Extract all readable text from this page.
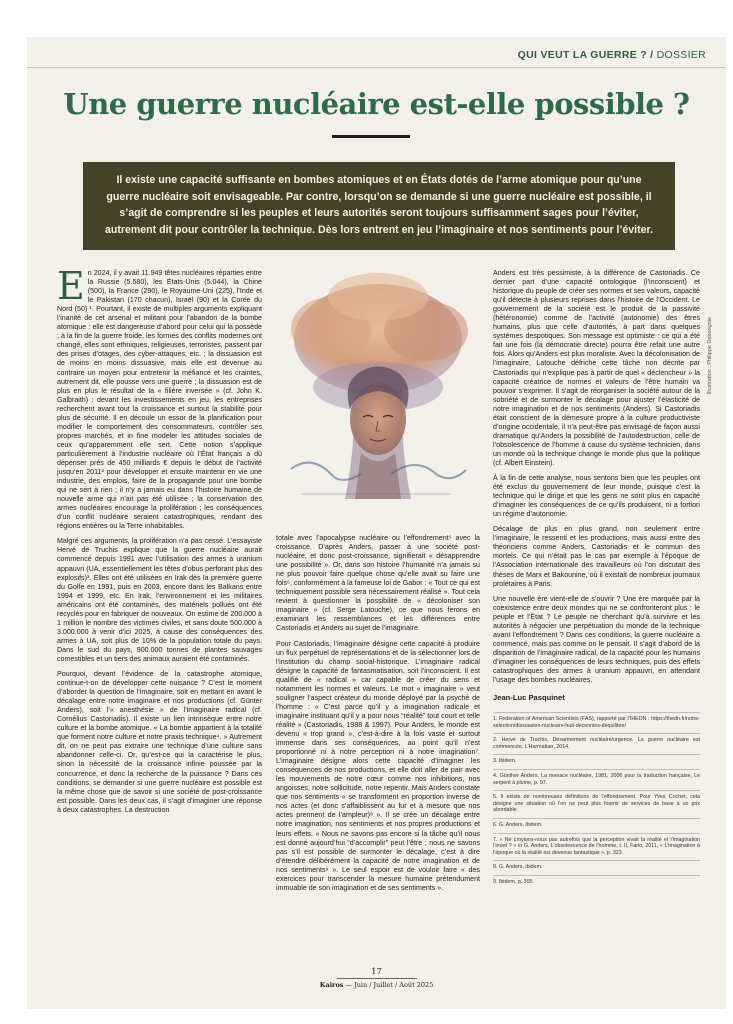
QUI VEUT LA GUERRE ? / DOSSIER
Une guerre nucléaire est-elle possible ?
Il existe une capacité suffisante en bombes atomiques et en États dotés de l’arme atomique pour qu’une guerre nucléaire soit envisageable. Par contre, lorsqu’on se demande si une guerre nucléaire est possible, il s’agit de comprendre si les peuples et leurs autorités seront toujours suffisamment sages pour l’éviter, autrement dit pour contrôler la technique. Dès lors entrent en jeu l’imaginaire et nos sentiments pour l’éviter.

En 2024, il y avait 11.949 têtes nucléaires réparties entre la Russie (5.580), les États-Unis (5.044), la Chine (500), la France (290), le Royaume-Uni (225), l’Inde et le Pakistan (170 chacun), Israël (90) et la Corée du Nord (50) ¹. Pourtant, il existe de multiples arguments expliquant l’inanité de cet arsenal et militant pour l’abandon de la bombe atomique : elle est dangereuse d’abord pour celui qui la possède ; à la fin de la guerre froide, les formes des conflits modernes ont changé, elles sont ethniques, religieuses, terroristes, passent par des prises d’otages, des cyber-attaques, etc. ; la dissuasion est de moins en moins dissuasive, mais elle est devenue au contraire un moyen pour entretenir la méfiance et les craintes, autrement dit, elle pousse vers une guerre ; la dissuasion est de plus en plus le résultat de la « filière inversée » (cf. John K. Galbraith) : devant les investissements en jeu, les entreprises recherchent avant tout la croissance et surtout la stabilité pour plus de sécurité. Il en découle un essor de la planification pour modifier le comportement des consommateurs, contrôler ses propres marchés, et in fine modeler les attitudes sociales de ceux qu’apparemment elle sert. Cette notion s’applique particulièrement à l’industrie nucléaire où l’État français a dû dépenser près de 450 milliards € depuis le début de l’activité jusqu’en 2011² pour développer et ensuite maintenir en vie une industrie, des emplois, faire de la propagande pour une bombe qui ne sert à rien ; il n’y a jamais eu dans l’histoire humaine de nouvelle arme qui n’ait pas été utilisée ; la conservation des armes nucléaires encourage la prolifération ; les conséquences d’un conflit nucléaire seraient catastrophiques, rendant des régions entières ou la Terre inhabitables.

Malgré ces arguments, la prolifération n’a pas cessé. L’essayiste Hervé de Truchis explique que la guerre nucléaire aurait commencé depuis 1991 avec l’utilisation des armes à uranium appauvri (UA, essentiellement les têtes d’obus perforant plus des explosifs)³. Elles ont été utilisées en Irak dès la première guerre du Golfe en 1991, puis en 2003, encore dans les Balkans entre 1994 et 1999, etc. En Irak, l’environnement et les militaires américains ont été contaminés, des matériels pollués ont été recyclés pour en fabriquer de nouveaux. On estime de 200.000 à 1 million le nombre des victimes civiles, et sans doute 500.000 à 3.000.000 à venir d’ici 2025, à cause des conséquences des armes à UA, soit plus de 10% de la population totale du pays. Dans le sud du pays, 900.000 tonnes de plantes sauvages comestibles et un tiers des animaux auraient été contaminés.

Pourquoi, devant l’évidence de la catastrophe atomique, continue-t-on de développer cette nuisance ? C’est le moment d’aborder la question de l’imaginaire, soit en mettant en avant le décalage entre notre imaginaire et nos productions (cf. Günter Anders), soit l’« anesthésie » de l’imaginaire radical (cf. Cornélius Castoriadis). Il existe un lien intrinsèque entre notre culture et la bombe atomique. « La bombe appartient à la totalité que forment notre culture et notre praxis technique⁴. » Autrement dit, on ne peut pas extraire une technique d’une culture sans abandonner celle-ci. Or, qu’est-ce qui la caractérise le plus, sinon la nécessité de la croissance infinie poussée par la concurrence, et donc la recherche de la puissance ? Dans ces conditions, se demander si une guerre nucléaire est possible est la même chose que de savoir si une société de post-croissance est possible. Dans les deux cas, il s’agit d’imaginer une réponse à deux catastrophes. La destruction

Illustration : Philippe Debongnie

totale avec l’apocalypse nucléaire ou l’effondrement⁵ avec la croissance. D’après Anders, passer à une société post-nucléaire, et donc post-croissance, signifierait « désapprendre une possibilité ». Or, dans son histoire l’humanité n’a jamais su ne plus pouvoir faire quelque chose qu’elle avait su faire une fois⁶, conformément à la fameuse loi de Gabor : « Tout ce qui est techniquement possible sera nécessairement réalisé ». Tout cela revient à questionner la possibilité de « décoloniser son imaginaire » (cf. Serge Latouche), ce que nous ferons en examinant les ressemblances et les différences entre Castoriadis et Anders au sujet de l’imaginaire.

Pour Castoriadis, l’imaginaire désigne cette capacité à produire un flux perpétuel de représentations et de la sélectionner lors de l’institution du champ social-historique. L’imaginaire radical désigne la capacité de fantasmatisation, soit l’inconscient. Il est qualifié de « radical » car capable de créer du sens et notamment les normes et valeurs. Le mot « imaginaire » veut souligner l’aspect créateur du monde déployé par la psyché de l’homme : « C’est parce qu’il y a imagination radicale et imaginaire instituant qu’il y a pour nous “réalité” tout court et telle réalité » (Castoriadis, 1988 & 1997). Pour Anders, le monde est devenu « trop grand », c’est-à-dire à la fois vaste et surtout immense dans ses conséquences, au point qu’il n’est proportionné ni à notre perception ni à notre imagination⁷. L’imaginaire désigne alors cette capacité d’imaginer les conséquences de nos productions, et elle doit aller de pair avec les mouvements de notre cœur comme nos inhibitions, nos angoisses, notre sollicitude, notre repentir. Mais Anders constate que nos sentiments « se transforment en proportion inverse de nos actes (et donc s’affaiblissent au fur et à mesure que nos actes prennent de l’ampleur)⁸ ». Il se crée un décalage entre notre imagination, nos sentiments et nos propres productions et leurs effets. « Nous ne savons pas encore si la tâche qu’il nous est donné aujourd’hui “d’accomplir” peut l’être ; nous ne savons pas s’il est possible de surmonter le décalage, c’est à dire d’étendre délibérément la capacité de notre imagination et de nos sentiments⁹ ». Le seul espoir est de vouloir faire « des exercices pour transcender la mesure humaine prétendument immuable de son imagination et de ses sentiments ».

Anders est très pessimiste, à la différence de Castoriadis. Ce dernier part d’une capacité ontologique (l’inconscient) et historique du peuple de créer ses normes et ses valeurs, capacité qu’il détecte à plusieurs reprises dans l’histoire de l’Occident. Le gouvernement de la société est le produit de la passivité (hétéronomie) comme de l’activité (autonomie) des êtres humains, plus que celle d’autorités, à part dans quelques systèmes despotiques. Son message est optimiste : ce qui a été fait une fois (la démocratie directe) pourra être refait une autre fois. Alors qu’Anders est plus moraliste. Avec la décolonisation de l’imaginaire, Latouche défriche cette tâche non décrite par Castoriadis qui n’explique pas à partir de quel « déclencheur » la capacité créatrice de normes et valeurs de l’être humain va pouvoir s’exprimer. Il s’agit de réorganiser la société autour de la sobriété et de surmonter le décalage pour ajuster l’élasticité de notre imagination et de nos sentiments (Anders). Si Castoriadis était conscient de la démesure propre à la culture productiviste d’origine occidentale, il n’a peut-être pas envisagé de façon aussi dramatique qu’Anders la possibilité de l’autodestruction, celle de l’obsolescence de l’homme à cause du système technicien, dans un monde où la technique change le monde plus que la politique (cf. Albert Einstein).

À la fin de cette analyse, nous sentons bien que les peuples ont été exclus du gouvernement de leur monde, puisque c’est la technique qui le dirige et que les gens ne sont plus en capacité d’imaginer les conséquences de ce qu’ils produisent, ni a fortiori un régime d’autonomie.

Décalage de plus en plus grand, non seulement entre l’imaginaire, le ressenti et les productions, mais aussi entre des théoriciens comme Anders, Castoriadis et le commun des mortels. Ce qui n’était pas le cas par exemple à l’époque de l’Association internationale des travailleurs où l’on discutait des thèses de Marx et Bakounine, où il existait de nombreux journaux prolétaires à Paris.

Une nouvelle ère vient-elle de s’ouvrir ? Une ère marquée par la coexistence entre deux mondes qui ne se confronteront plus : le peuple et l’État ? Le peuple ne cherchant qu’à survivre et les autorités à négocier une perpétuation du monde de la technique avant l’effondrement ? Dans ces conditions, la guerre nucléaire a commencé, mais pas comme on le pensait. Il s’agit d’abord de la disparition de l’imaginaire radical, de la capacité pour les humains d’imaginer les conséquences de leurs techniques, puis des effets catastrophiques des armes à uranium appauvri, en attendant l’usage des bombes nucléaires.

Jean-Luc Pasquinet
1. Federation of American Scientists (FAS), rapporté par l’IHEDN : https://ihedn.fr/notre-selection/dissuasion-nucleaire-huit-decennies-dequilibre/
2. Hervé de Truchis, Désarmement nucléaire/urgence. La guerre nucléaire est commencée, L’Harmattan, 2014.
3. Ibidem.
4. Günther Anders, La menace nucléaire, 1981, 2006 pour la traduction française, Le serpent à plume, p. 97.
5. Il existe de nombreuses définitions de l’effondrement. Pour Yves Cochet, cela désigne une situation où l’on ne peut plus fournir de services de base à un prix abordable.
6. G. Anders, ibidem.
7. « Ne croyions-nous pas autrefois que la perception vivait la réalité et l’imagination l’irréel ? » in G. Anders, L’obsolescence de l’homme, t. II, Fario, 2011, « L’imagination à l’époque où la réalité est devenue fantastique », p. 323.
8. G. Anders, ibidem.
9. Ibidem, p. 305.
17
Kairos — Juin / Juillet / Août 2025
